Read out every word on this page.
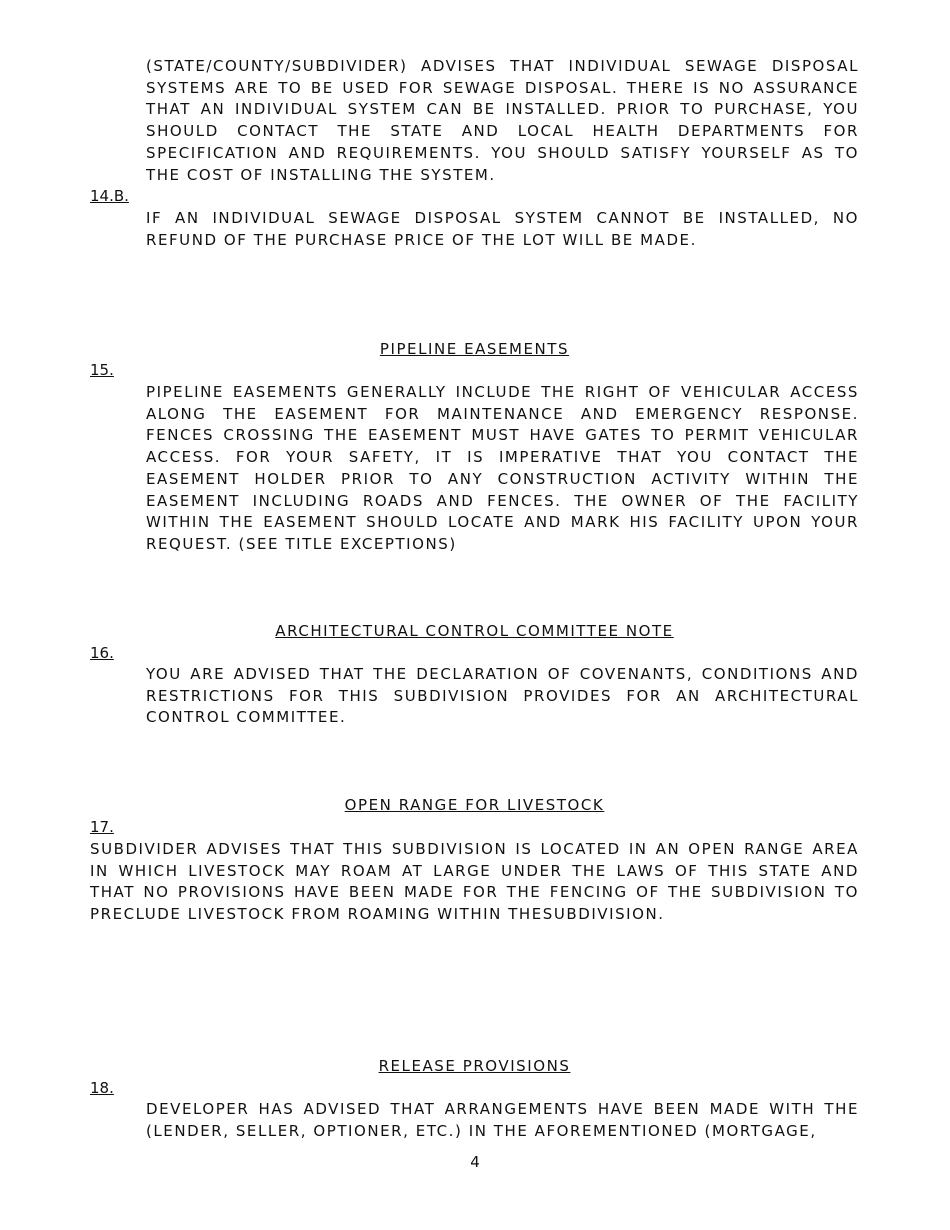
(STATE/COUNTY/SUBDIVIDER) ADVISES THAT INDIVIDUAL SEWAGE DISPOSAL SYSTEMS ARE TO BE USED FOR SEWAGE DISPOSAL. THERE IS NO ASSURANCE THAT AN INDIVIDUAL SYSTEM CAN BE INSTALLED. PRIOR TO PURCHASE, YOU SHOULD CONTACT THE STATE AND LOCAL HEALTH DEPARTMENTS FOR SPECIFICATION AND REQUIREMENTS. YOU SHOULD SATISFY YOURSELF AS TO THE COST OF INSTALLING THE SYSTEM.

14.B.

IF AN INDIVIDUAL SEWAGE DISPOSAL SYSTEM CANNOT BE INSTALLED, NO REFUND OF THE PURCHASE PRICE OF THE LOT WILL BE MADE.

PIPELINE EASEMENTS

15.

PIPELINE EASEMENTS GENERALLY INCLUDE THE RIGHT OF VEHICULAR ACCESS ALONG THE EASEMENT FOR MAINTENANCE AND EMERGENCY RESPONSE. FENCES CROSSING THE EASEMENT MUST HAVE GATES TO PERMIT VEHICULAR ACCESS. FOR YOUR SAFETY, IT IS IMPERATIVE THAT YOU CONTACT THE EASEMENT HOLDER PRIOR TO ANY CONSTRUCTION ACTIVITY WITHIN THE EASEMENT INCLUDING ROADS AND FENCES. THE OWNER OF THE FACILITY WITHIN THE EASEMENT SHOULD LOCATE AND MARK HIS FACILITY UPON YOUR REQUEST. (SEE TITLE EXCEPTIONS)

ARCHITECTURAL CONTROL COMMITTEE NOTE

16.

YOU ARE ADVISED THAT THE DECLARATION OF COVENANTS, CONDITIONS AND RESTRICTIONS FOR THIS SUBDIVISION PROVIDES FOR AN ARCHITECTURAL CONTROL COMMITTEE.

OPEN RANGE FOR LIVESTOCK

17.

SUBDIVIDER ADVISES THAT THIS SUBDIVISION IS LOCATED IN AN OPEN RANGE AREA IN WHICH LIVESTOCK MAY ROAM AT LARGE UNDER THE LAWS OF THIS STATE AND THAT NO PROVISIONS HAVE BEEN MADE FOR THE FENCING OF THE SUBDIVISION TO PRECLUDE LIVESTOCK FROM ROAMING WITHIN THESUBDIVISION.

RELEASE PROVISIONS

18.

DEVELOPER HAS ADVISED THAT ARRANGEMENTS HAVE BEEN MADE WITH THE (LENDER, SELLER, OPTIONER, ETC.) IN THE AFOREMENTIONED (MORTGAGE,

4
